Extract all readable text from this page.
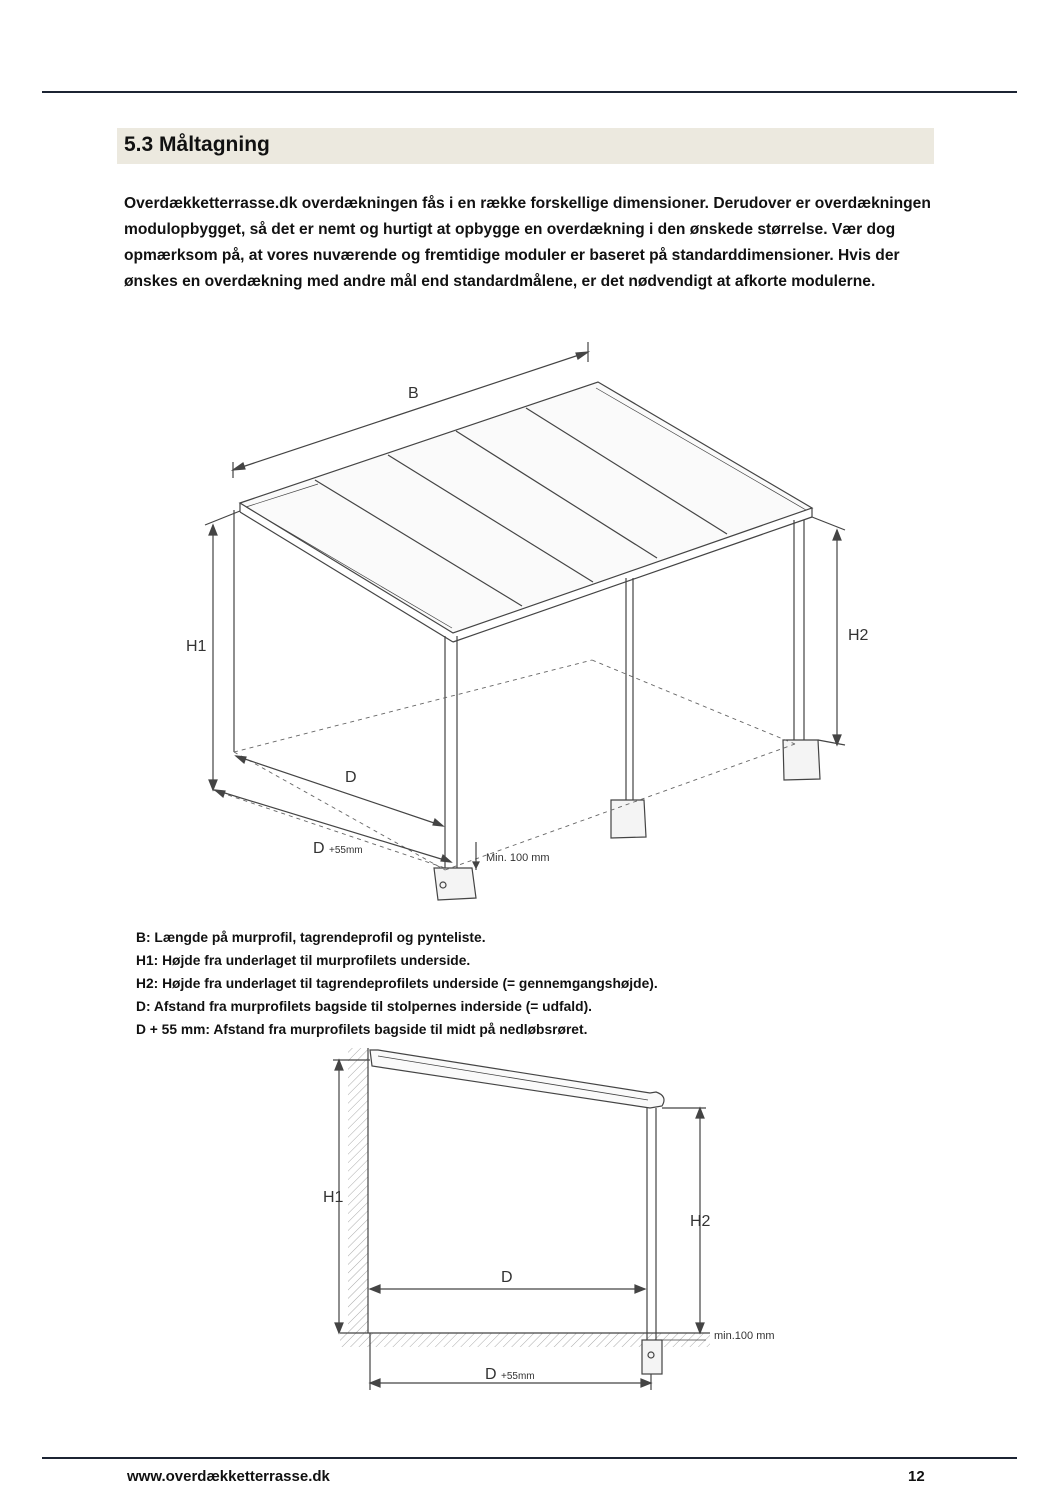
5.3 Måltagning
Overdækketterrasse.dk overdækningen fås i en række forskellige dimensioner. Derudover er overdækningen modulopbygget, så det er nemt og hurtigt at opbygge en overdækning i den ønskede størrelse. Vær dog opmærksom på, at vores nuværende og fremtidige moduler er baseret på standarddimensioner. Hvis der ønskes en overdækning med andre mål end standardmålene, er det nødvendigt at afkorte modulerne.
B
H1
H2
D
D +55mm
Min. 100 mm
B: Længde på murprofil, tagrendeprofil og pynteliste.
H1: Højde fra underlaget til murprofilets underside.
H2: Højde fra underlaget til tagrendeprofilets underside (= gennemgangshøjde).
D: Afstand fra murprofilets bagside til stolpernes inderside (= udfald).
D + 55 mm: Afstand fra murprofilets bagside til midt på nedløbsrøret.
H1
H2
D
D +55mm
min.100 mm
www.overdækketterrasse.dk	12
